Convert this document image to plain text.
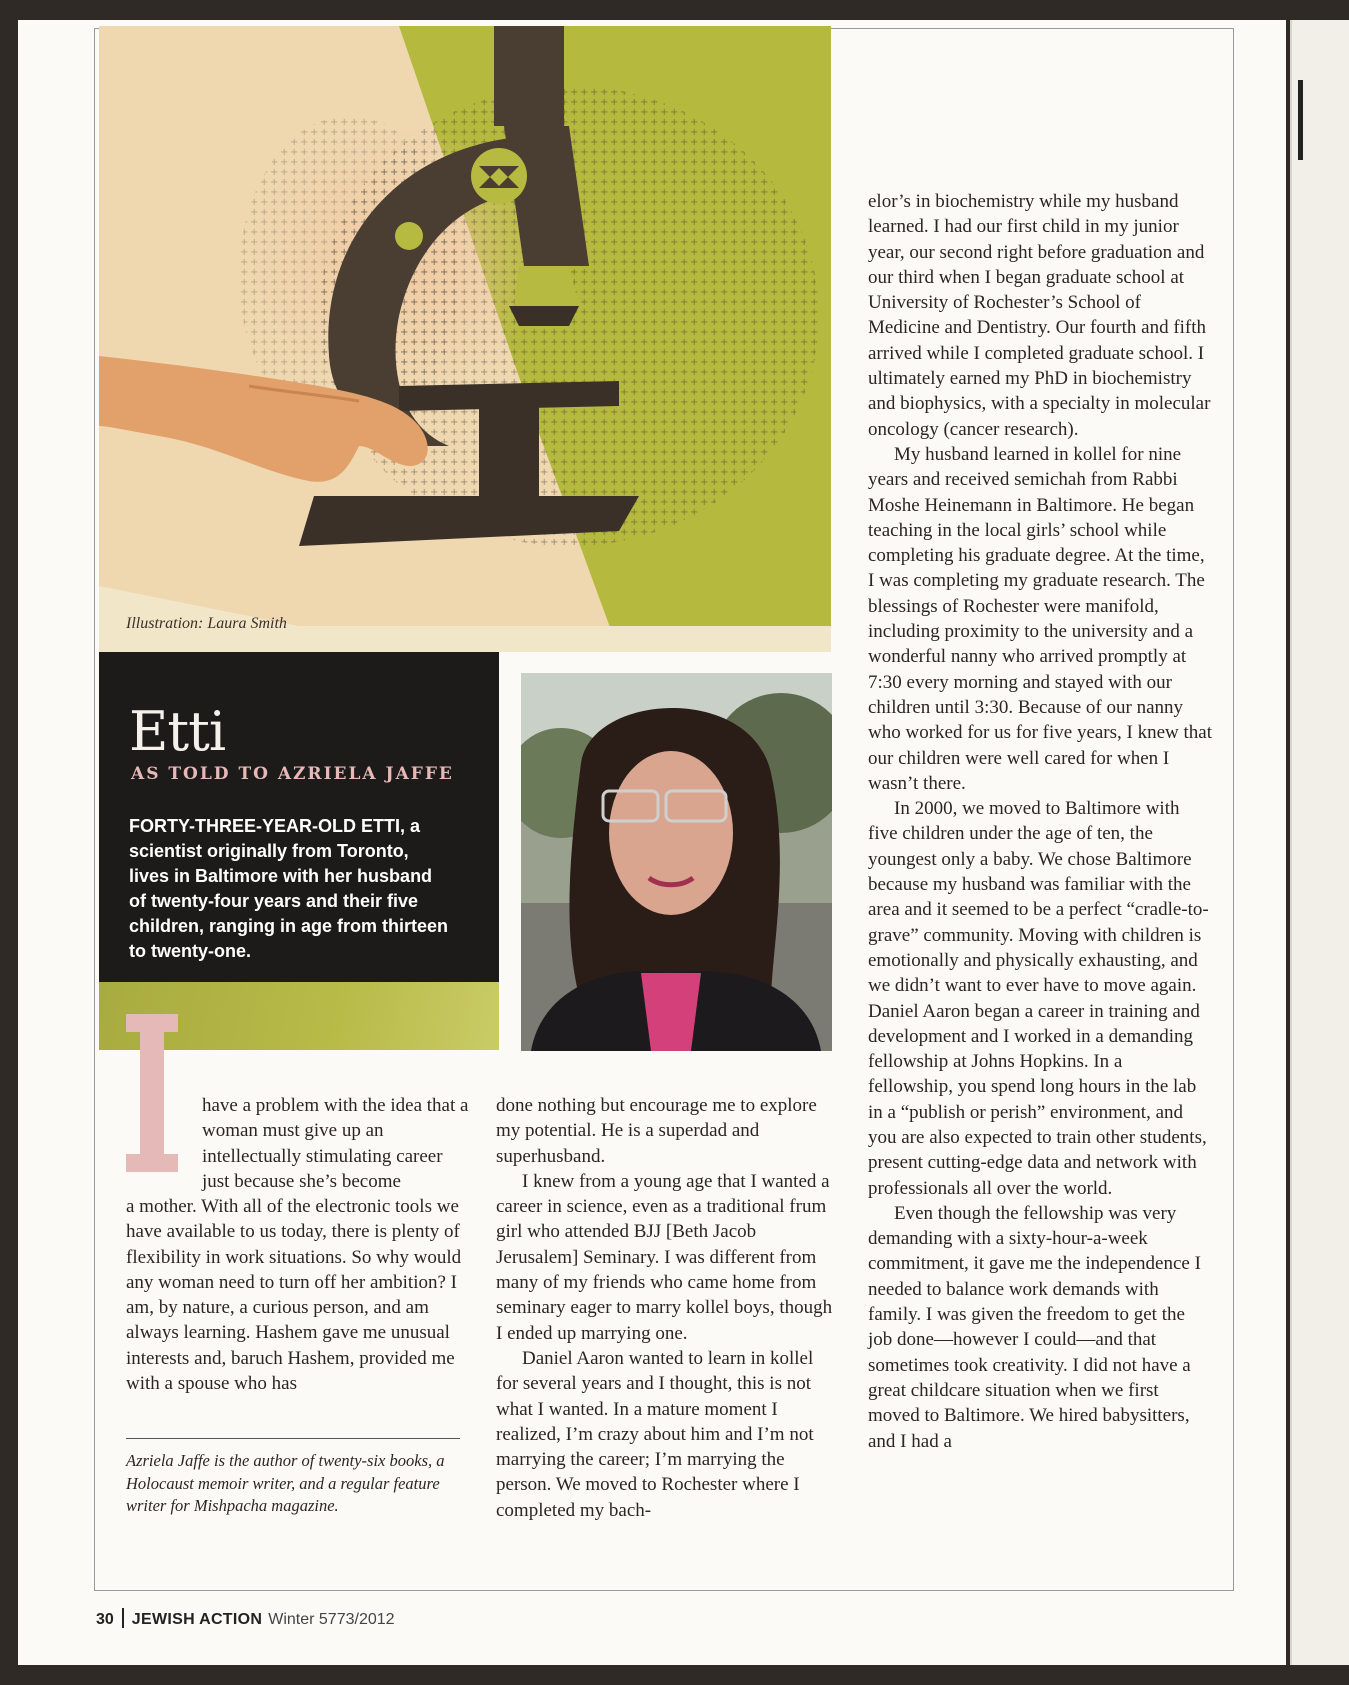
Illustration: Laura Smith
Etti
AS TOLD TO AZRIELA JAFFE
FORTY-THREE-YEAR-OLD ETTI, a scientist originally from Toronto, lives in Baltimore with her husband of twenty-four years and their five children, ranging in age from thirteen to twenty-one.
have a problem with the idea that a woman must give up an intellectually stimulating career just because she’s become
a mother. With all of the electronic tools we have available to us today, there is plenty of flexibility in work situations. So why would any woman need to turn off her ambition? I am, by nature, a curious person, and am always learning. Hashem gave me unusual interests and, baruch Hashem, provided me with a spouse who has
Azriela Jaffe is the author of twenty-six books, a Holocaust memoir writer, and a regular feature writer for Mishpacha magazine.

done nothing but encourage me to explore my potential. He is a superdad and superhusband.

I knew from a young age that I wanted a career in science, even as a traditional frum girl who attended BJJ [Beth Jacob Jerusalem] Seminary. I was different from many of my friends who came home from seminary eager to marry kollel boys, though I ended up marrying one.

Daniel Aaron wanted to learn in kollel for several years and I thought, this is not what I wanted. In a mature moment I realized, I’m crazy about him and I’m not marrying the career; I’m marrying the person. We moved to Rochester where I completed my bach-

elor’s in biochemistry while my husband learned. I had our first child in my junior year, our second right before graduation and our third when I began graduate school at University of Rochester’s School of Medicine and Dentistry. Our fourth and fifth arrived while I completed graduate school. I ultimately earned my PhD in biochemistry and biophysics, with a specialty in molecular oncology (cancer research).

My husband learned in kollel for nine years and received semichah from Rabbi Moshe Heinemann in Baltimore. He began teaching in the local girls’ school while completing his graduate degree. At the time, I was completing my graduate research. The blessings of Rochester were manifold, including proximity to the university and a wonderful nanny who arrived promptly at 7:30 every morning and stayed with our children until 3:30. Because of our nanny who worked for us for five years, I knew that our children were well cared for when I wasn’t there.

In 2000, we moved to Baltimore with five children under the age of ten, the youngest only a baby. We chose Baltimore because my husband was familiar with the area and it seemed to be a perfect “cradle-to-grave” community. Moving with children is emotionally and physically exhausting, and we didn’t want to ever have to move again. Daniel Aaron began a career in training and development and I worked in a demanding fellowship at Johns Hopkins. In a fellowship, you spend long hours in the lab in a “publish or perish” environment, and you are also expected to train other students, present cutting-edge data and network with professionals all over the world.

Even though the fellowship was very demanding with a sixty-hour-a-week commitment, it gave me the independence I needed to balance work demands with family. I was given the freedom to get the job done—however I could—and that sometimes took creativity. I did not have a great childcare situation when we first moved to Baltimore. We hired babysitters, and I had a

30 JEWISH ACTION Winter 5773/2012
